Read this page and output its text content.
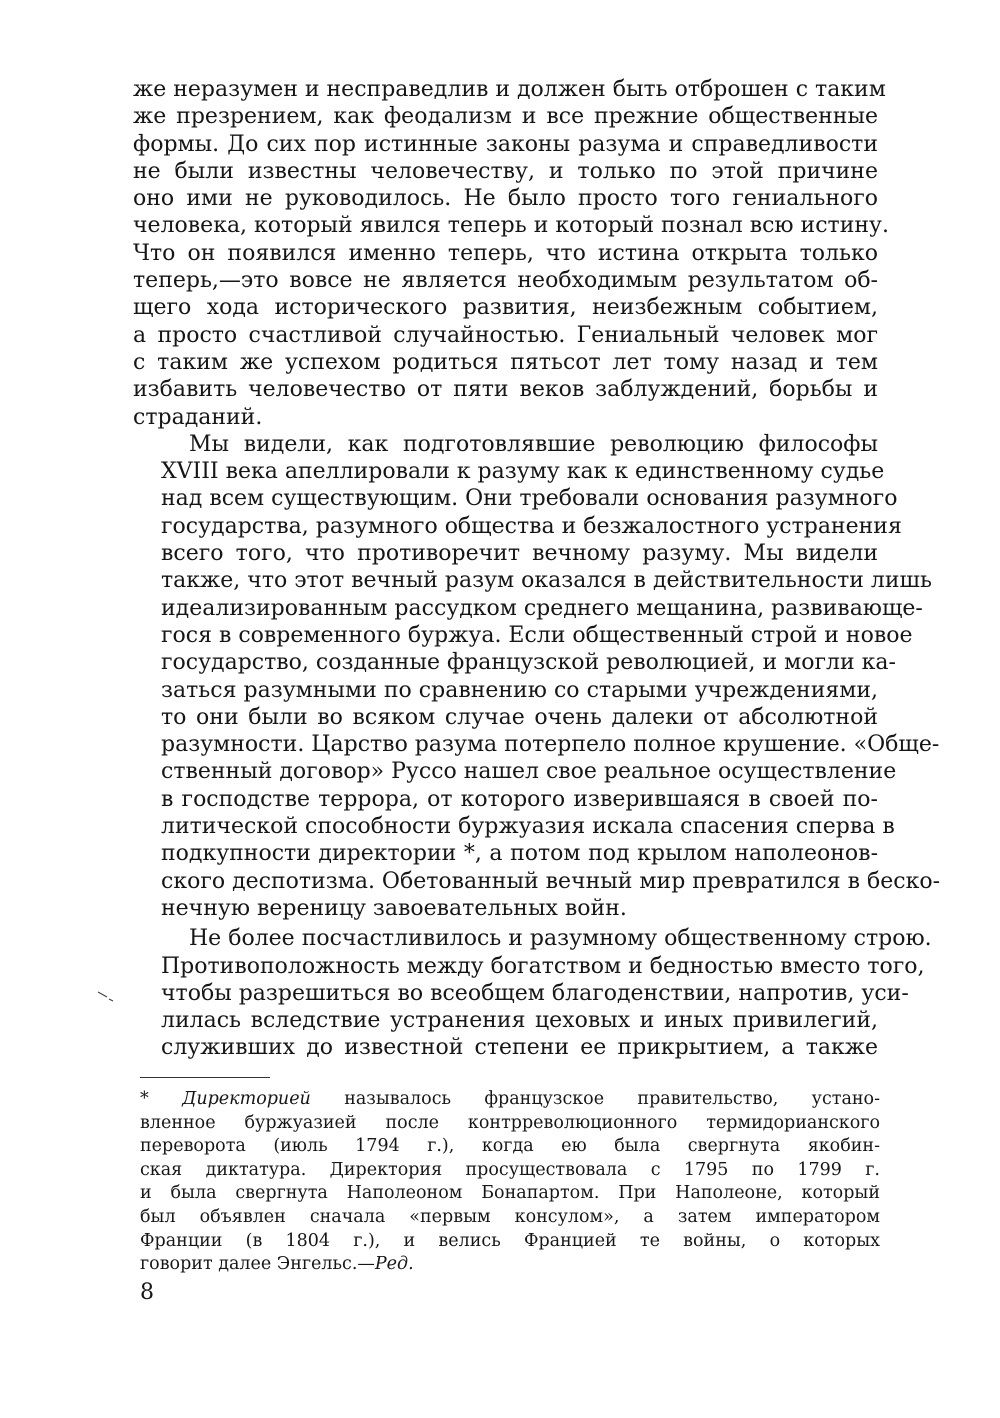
же неразумен и несправедлив и должен быть отброшен с таким
же презрением, как феодализм и все прежние общественные
формы. До сих пор истинные законы разума и справедливости
не были известны человечеству, и только по этой причине
оно ими не руководилось. Не было просто того гениального
человека, который явился теперь и который познал всю истину.
Что он появился именно теперь, что истина открыта только
теперь,—это вовсе не является необходимым результатом об-
щего хода исторического развития, неизбежным событием,
а просто счастливой случайностью. Гениальный человек мог
с таким же успехом родиться пятьсот лет тому назад и тем
избавить человечество от пяти веков заблуждений, борьбы и
страданий.

Мы видели, как подготовлявшие революцию философы
XVIII века апеллировали к разуму как к единственному судье
над всем существующим. Они требовали основания разумного
государства, разумного общества и безжалостного устранения
всего того, что противоречит вечному разуму. Мы видели
также, что этот вечный разум оказался в действительности лишь
идеализированным рассудком среднего мещанина, развивающе-
гося в современного буржуа. Если общественный строй и новое
государство, созданные французской революцией, и могли ка-
заться разумными по сравнению со старыми учреждениями,
то они были во всяком случае очень далеки от абсолютной
разумности. Царство разума потерпело полное крушение. «Обще-
ственный договор» Руссо нашел свое реальное осуществление
в господстве террора, от которого изверившаяся в своей по-
литической способности буржуазия искала спасения сперва в
подкупности директории *, а потом под крылом наполеонов-
ского деспотизма. Обетованный вечный мир превратился в беско-
нечную вереницу завоевательных войн.

Не более посчастливилось и разумному общественному строю.
Противоположность между богатством и бедностью вместо того,
чтобы разрешиться во всеобщем благоденствии, напротив, уси-
лилась вследствие устранения цеховых и иных привилегий,
служивших до известной степени ее прикрытием, а также

* Директорией называлось французское правительство, устано-
вленное буржуазией после контрреволюционного термидорианского
переворота (июль 1794 г.), когда ею была свергнута якобин-
ская диктатура. Директория просуществовала с 1795 по 1799 г.
и была свергнута Наполеоном Бонапартом. При Наполеоне, который
был объявлен сначала «первым консулом», а затем императором
Франции (в 1804 г.), и велись Францией те войны, о которых
говорит далее Энгельс.—Ред.
8
